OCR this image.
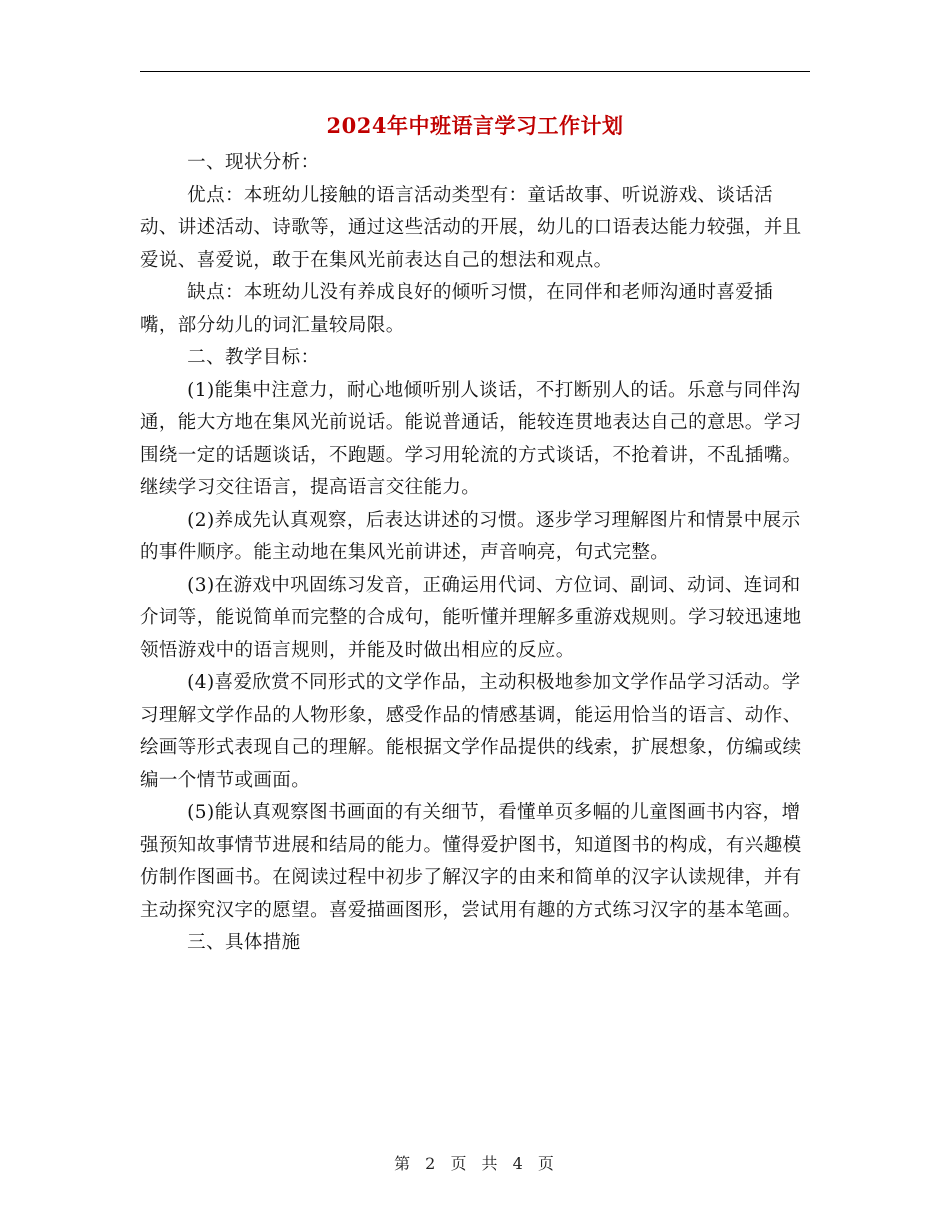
2024年中班语言学习工作计划

一、现状分析：

优点：本班幼儿接触的语言活动类型有：童话故事、听说游戏、谈话活动、讲述活动、诗歌等，通过这些活动的开展，幼儿的口语表达能力较强，并且爱说、喜爱说，敢于在集风光前表达自己的想法和观点。

缺点：本班幼儿没有养成良好的倾听习惯，在同伴和老师沟通时喜爱插嘴，部分幼儿的词汇量较局限。

二、教学目标：

(1)能集中注意力，耐心地倾听别人谈话，不打断别人的话。乐意与同伴沟通，能大方地在集风光前说话。能说普通话，能较连贯地表达自己的意思。学习围绕一定的话题谈话，不跑题。学习用轮流的方式谈话，不抢着讲，不乱插嘴。继续学习交往语言，提高语言交往能力。

(2)养成先认真观察，后表达讲述的习惯。逐步学习理解图片和情景中展示的事件顺序。能主动地在集风光前讲述，声音响亮，句式完整。

(3)在游戏中巩固练习发音，正确运用代词、方位词、副词、动词、连词和介词等，能说简单而完整的合成句，能听懂并理解多重游戏规则。学习较迅速地领悟游戏中的语言规则，并能及时做出相应的反应。

(4)喜爱欣赏不同形式的文学作品，主动积极地参加文学作品学习活动。学习理解文学作品的人物形象，感受作品的情感基调，能运用恰当的语言、动作、绘画等形式表现自己的理解。能根据文学作品提供的线索，扩展想象，仿编或续编一个情节或画面。

(5)能认真观察图书画面的有关细节，看懂单页多幅的儿童图画书内容，增强预知故事情节进展和结局的能力。懂得爱护图书，知道图书的构成，有兴趣模仿制作图画书。在阅读过程中初步了解汉字的由来和简单的汉字认读规律，并有主动探究汉字的愿望。喜爱描画图形，尝试用有趣的方式练习汉字的基本笔画。

三、具体措施

第 2 页 共 4 页
